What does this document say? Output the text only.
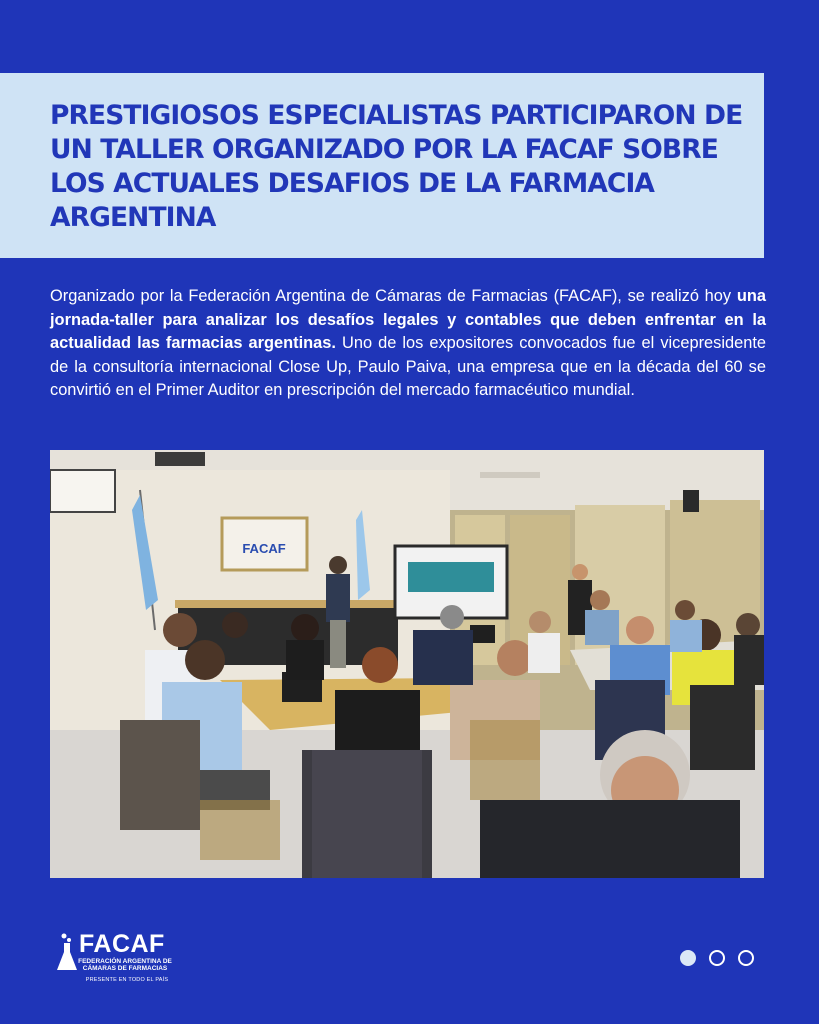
PRESTIGIOSOS ESPECIALISTAS PARTICIPARON DE UN TALLER ORGANIZADO POR LA FACAF SOBRE LOS ACTUALES DESAFIOS DE LA FARMACIA ARGENTINA

Organizado por la Federación Argentina de Cámaras de Farmacias (FACAF), se realizó hoy una jornada-taller para analizar los desafíos legales y contables que deben enfrentar en la actualidad las farmacias argentinas. Uno de los expositores convocados fue el vicepresidente de la consultoría internacional Close Up, Paulo Paiva, una empresa que en la década del 60 se convirtió en el Primer Auditor en prescripción del mercado farmacéutico mundial.

FACAF
FACAF
FEDERACIÓN ARGENTINA DE CÁMARAS DE FARMACIAS
PRESENTE EN TODO EL PAÍS
